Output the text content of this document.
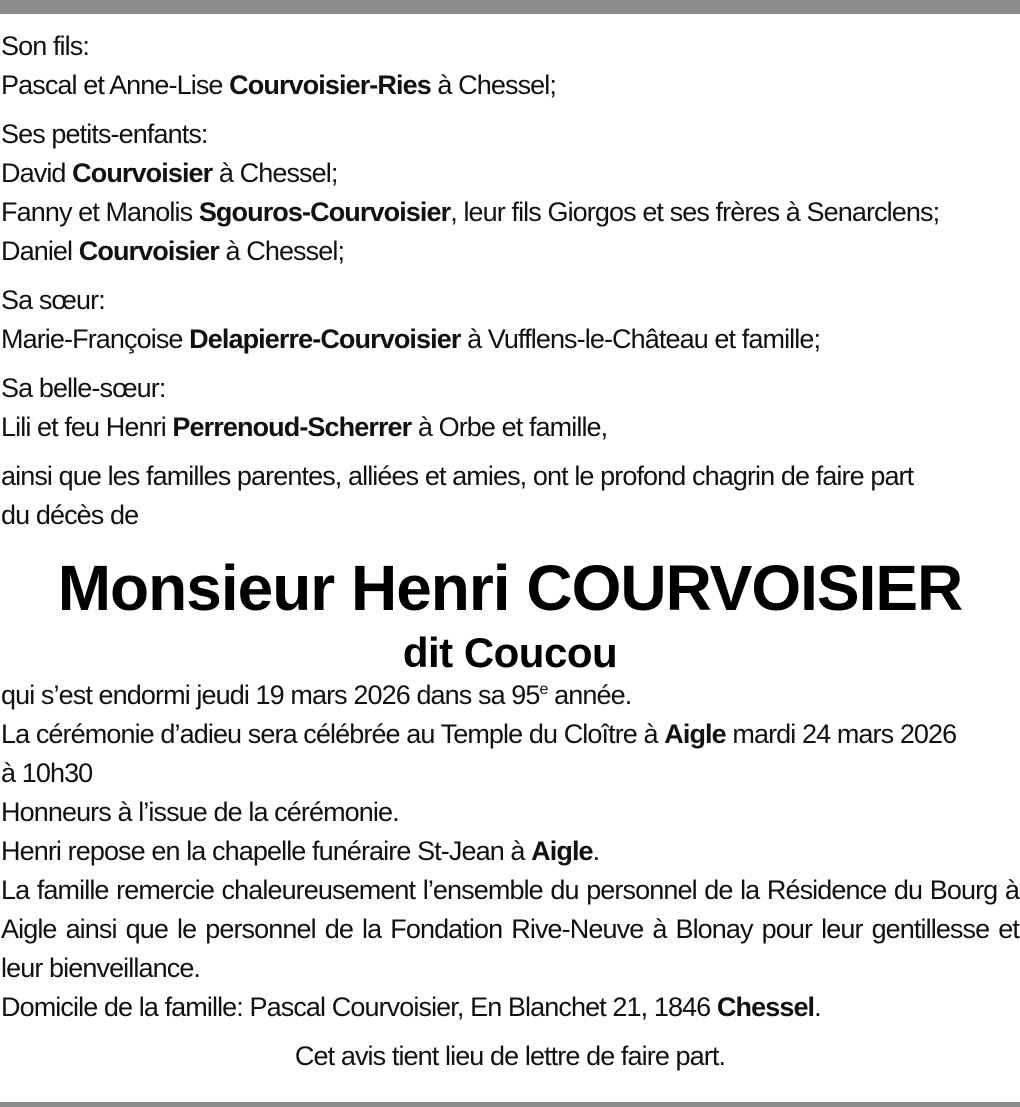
Son fils:

Pascal et Anne-Lise Courvoisier-Ries à Chessel;

Ses petits-enfants:

David Courvoisier à Chessel;

Fanny et Manolis Sgouros-Courvoisier, leur fils Giorgos et ses frères à Senarclens;

Daniel Courvoisier à Chessel;

Sa sœur:

Marie-Françoise Delapierre-Courvoisier à Vufflens-le-Château et famille;

Sa belle-sœur:

Lili et feu Henri Perrenoud-Scherrer à Orbe et famille,

ainsi que les familles parentes, alliées et amies, ont le profond chagrin de faire part

du décès de

Monsieur Henri COURVOISIER

dit Coucou

qui s’est endormi jeudi 19 mars 2026 dans sa 95e année.

La cérémonie d’adieu sera célébrée au Temple du Cloître à Aigle mardi 24 mars 2026

à 10h30

Honneurs à l’issue de la cérémonie.

Henri repose en la chapelle funéraire St-Jean à Aigle.

La famille remercie chaleureusement l’ensemble du personnel de la Résidence du Bourg à Aigle ainsi que le personnel de la Fondation Rive-Neuve à Blonay pour leur gentillesse et leur bienveillance.

Domicile de la famille: Pascal Courvoisier, En Blanchet 21, 1846 Chessel.

Cet avis tient lieu de lettre de faire part.
